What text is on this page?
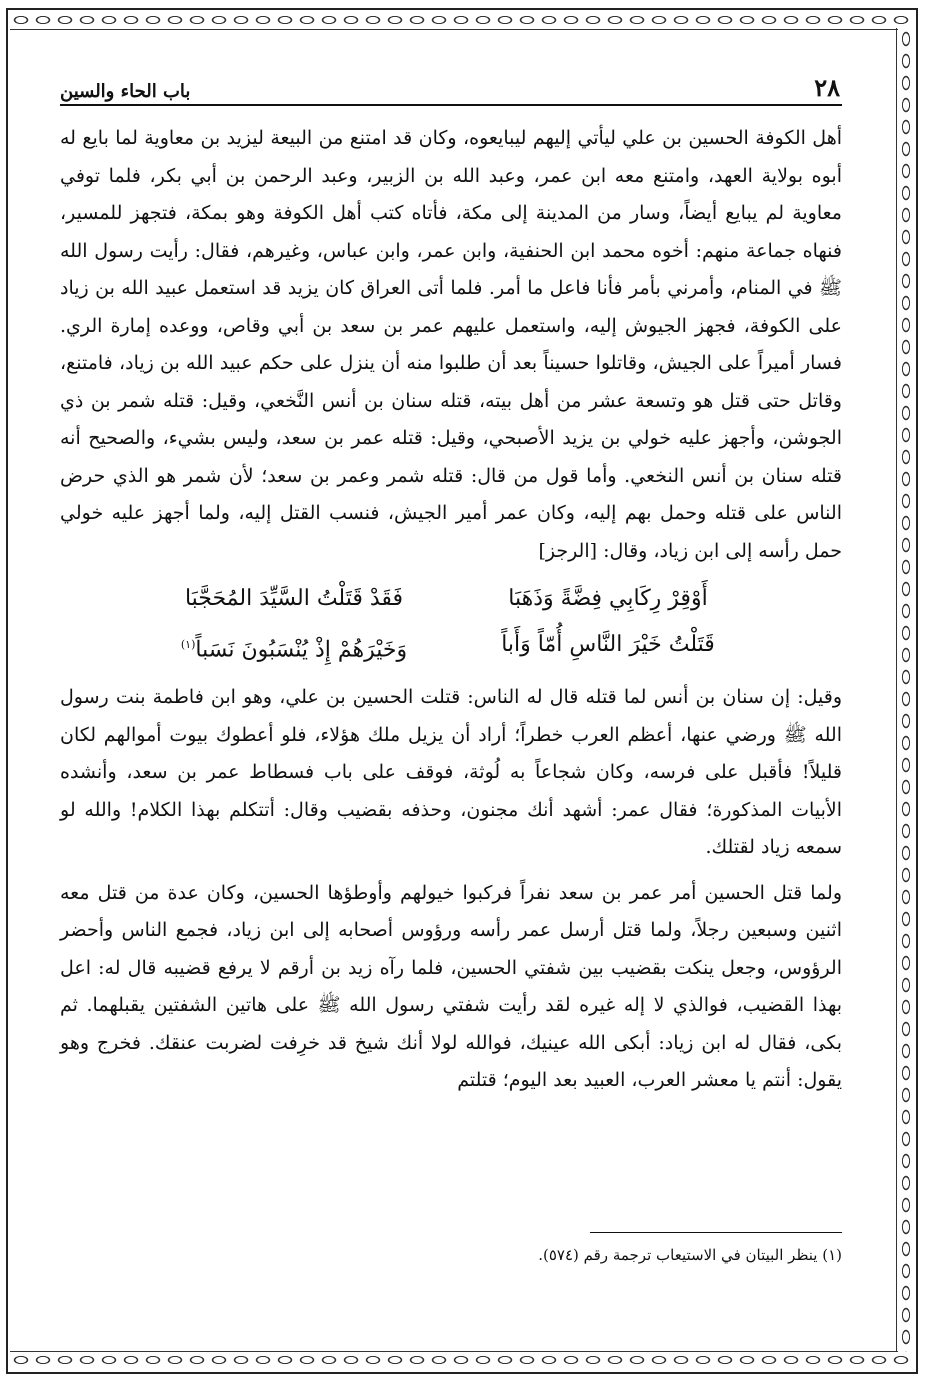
٢٨
باب الحاء والسين

أهل الكوفة الحسين بن علي ليأتي إليهم ليبايعوه، وكان قد امتنع من البيعة ليزيد بن معاوية لما بايع له أبوه بولاية العهد، وامتنع معه ابن عمر، وعبد الله بن الزبير، وعبد الرحمن بن أبي بكر، فلما توفي معاوية لم يبايع أيضاً، وسار من المدينة إلى مكة، فأتاه كتب أهل الكوفة وهو بمكة، فتجهز للمسير، فنهاه جماعة منهم: أخوه محمد ابن الحنفية، وابن عمر، وابن عباس، وغيرهم، فقال: رأيت رسول الله ﷺ في المنام، وأمرني بأمر فأنا فاعل ما أمر. فلما أتى العراق كان يزيد قد استعمل عبيد الله بن زياد على الكوفة، فجهز الجيوش إليه، واستعمل عليهم عمر بن سعد بن أبي وقاص، ووعده إمارة الري. فسار أميراً على الجيش، وقاتلوا حسيناً بعد أن طلبوا منه أن ينزل على حكم عبيد الله بن زياد، فامتنع، وقاتل حتى قتل هو وتسعة عشر من أهل بيته، قتله سنان بن أنس النَّخعي، وقيل: قتله شمر بن ذي الجوشن، وأجهز عليه خولي بن يزيد الأصبحي، وقيل: قتله عمر بن سعد، وليس بشيء، والصحيح أنه قتله سنان بن أنس النخعي. وأما قول من قال: قتله شمر وعمر بن سعد؛ لأن شمر هو الذي حرض الناس على قتله وحمل بهم إليه، وكان عمر أمير الجيش، فنسب القتل إليه، ولما أجهز عليه خولي حمل رأسه إلى ابن زياد، وقال: [الرجز]

أَوْقِرْ رِكَابِي فِضَّةً وَذَهَبَا
فَقَدْ قَتَلْتُ السَّيِّدَ المُحَجَّبَا
قَتَلْتُ خَيْرَ النَّاسِ أُمّاً وَأَباً
وَخَيْرَهُمْ إِذْ يُنْسَبُونَ نَسَباً$^{(١)}$

وقيل: إن سنان بن أنس لما قتله قال له الناس: قتلت الحسين بن علي، وهو ابن فاطمة بنت رسول الله ﷺ ورضي عنها، أعظم العرب خطراً؛ أراد أن يزيل ملك هؤلاء، فلو أعطوك بيوت أموالهم لكان قليلاً! فأقبل على فرسه، وكان شجاعاً به لُوثة، فوقف على باب فسطاط عمر بن سعد، وأنشده الأبيات المذكورة؛ فقال عمر: أشهد أنك مجنون، وحذفه بقضيب وقال: أتتكلم بهذا الكلام! والله لو سمعه زياد لقتلك.

ولما قتل الحسين أمر عمر بن سعد نفراً فركبوا خيولهم وأوطؤها الحسين، وكان عدة من قتل معه اثنين وسبعين رجلاً، ولما قتل أرسل عمر رأسه ورؤوس أصحابه إلى ابن زياد، فجمع الناس وأحضر الرؤوس، وجعل ينكت بقضيب بين شفتي الحسين، فلما رآه زيد بن أرقم لا يرفع قضيبه قال له: اعل بهذا القضيب، فوالذي لا إله غيره لقد رأيت شفتي رسول الله ﷺ على هاتين الشفتين يقبلهما. ثم بكى، فقال له ابن زياد: أبكى الله عينيك، فوالله لولا أنك شيخ قد خرِفت لضربت عنقك. فخرج وهو يقول: أنتم يا معشر العرب، العبيد بعد اليوم؛ قتلتم

(١) ينظر البيتان في الاستيعاب ترجمة رقم (٥٧٤).
